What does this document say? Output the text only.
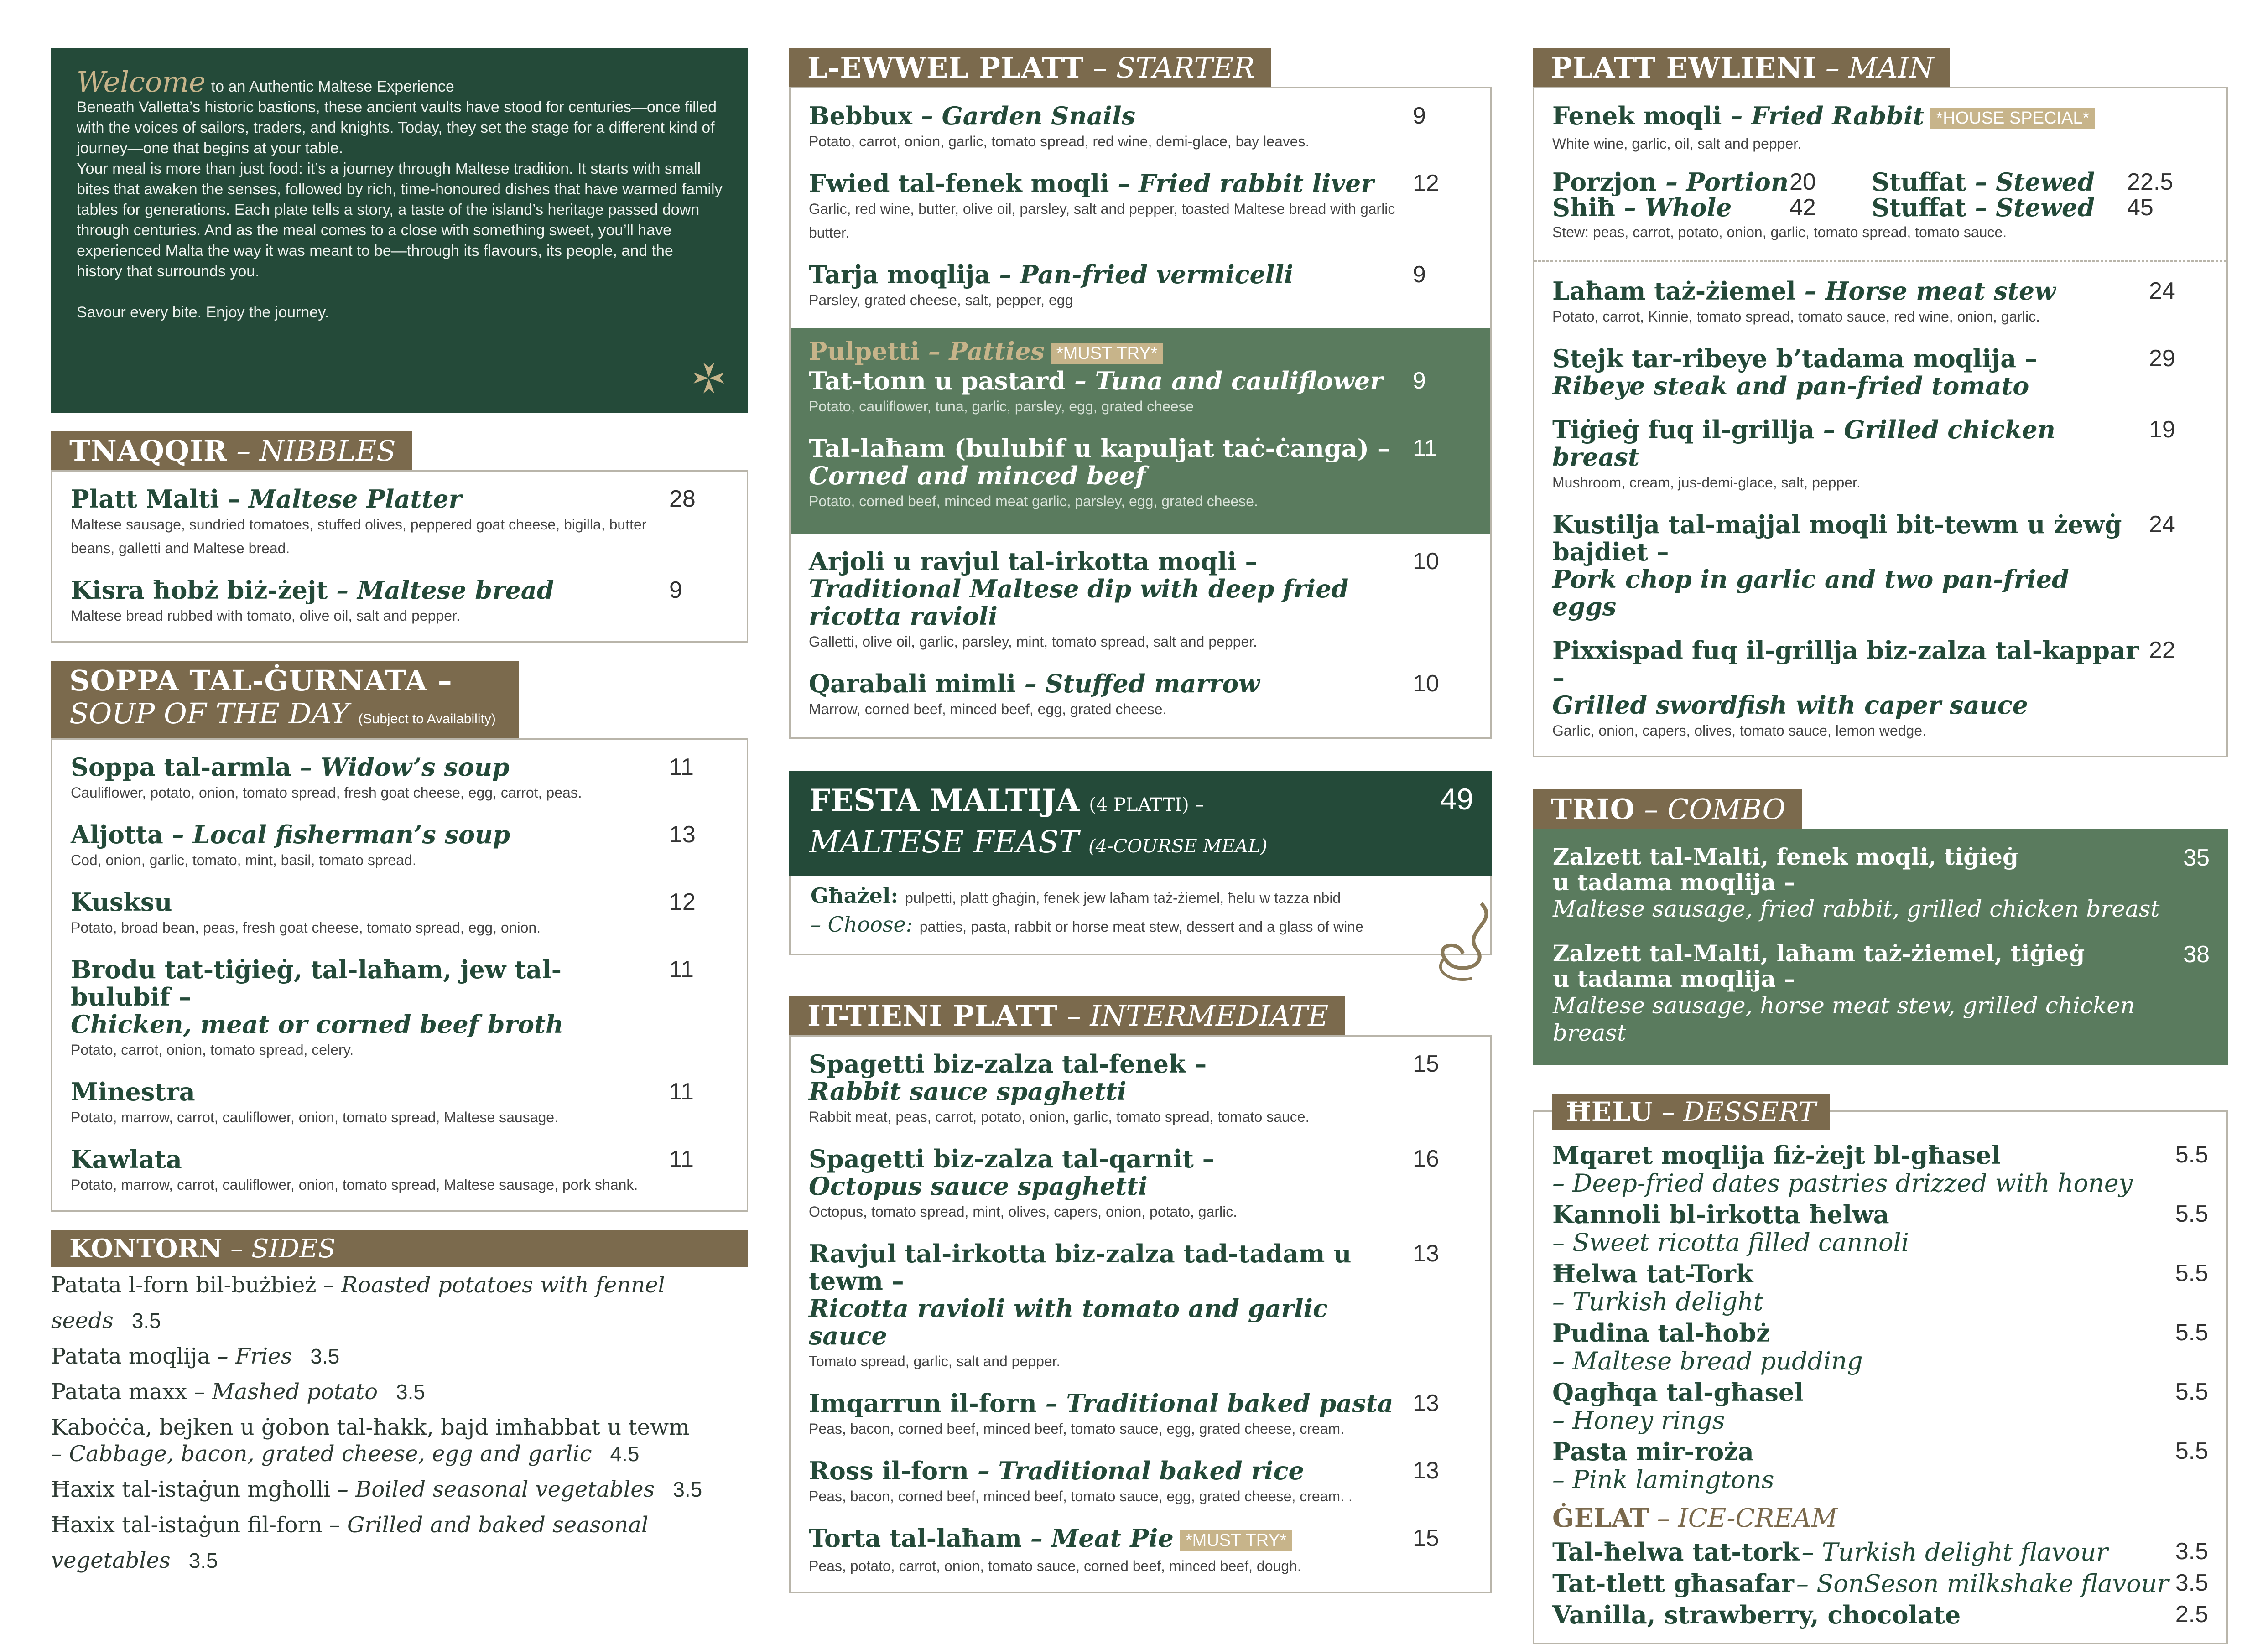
Welcome to an Authentic Maltese Experience

Beneath Valletta’s historic bastions, these ancient vaults have stood for centuries—once filled with the voices of sailors, traders, and knights. Today, they set the stage for a different kind of journey—one that begins at your table.

Your meal is more than just food: it’s a journey through Maltese tradition. It starts with small bites that awaken the senses, followed by rich, time-honoured dishes that have warmed family tables for generations. Each plate tells a story, a taste of the island’s heritage passed down through centuries. And as the meal comes to a close with something sweet, you’ll have experienced Malta the way it was meant to be—through its flavours, its people, and the history that surrounds you.

Savour every bite. Enjoy the journey.

TNAQQIR – NIBBLES
Platt Malti – Maltese Platter
Maltese sausage, sundried tomatoes, stuffed olives, peppered goat cheese, bigilla, butter beans, galletti and Maltese bread.
28
Kisra ħobż biż-żejt – Maltese bread
Maltese bread rubbed with tomato, olive oil, salt and pepper.
9
SOPPA TAL-ĠURNATA –
SOUP OF THE DAY (Subject to Availability)
Soppa tal-armla – Widow’s soup
Cauliflower, potato, onion, tomato spread, fresh goat cheese, egg, carrot, peas.
11
Aljotta – Local fisherman’s soup
Cod, onion, garlic, tomato, mint, basil, tomato spread.
13
Kusksu
Potato, broad bean, peas, fresh goat cheese, tomato spread, egg, onion.
12
Brodu tat-tiġieġ, tal-laħam, jew tal-bulubif –
Chicken, meat or corned beef broth
Potato, carrot, onion, tomato spread, celery.
11
Minestra
Potato, marrow, carrot, cauliflower, onion, tomato spread, Maltese sausage.
11
Kawlata
Potato, marrow, carrot, cauliflower, onion, tomato spread, Maltese sausage, pork shank.
11
KONTORN – SIDES
Patata l-forn bil-bużbież – Roasted potatoes with fennel seeds 3.5
Patata moqlija – Fries 3.5
Patata maxx – Mashed potato 3.5
Kaboċċa, bejken u ġobon tal-ħakk, bajd imħabbat u tewm
– Cabbage, bacon, grated cheese, egg and garlic 4.5
Ħaxix tal-istaġun mgħolli – Boiled seasonal vegetables 3.5
Ħaxix tal-istaġun fil-forn – Grilled and baked seasonal vegetables 3.5
L-EWWEL PLATT – STARTER
Bebbux – Garden Snails
Potato, carrot, onion, garlic, tomato spread, red wine, demi-glace, bay leaves.
9
Fwied tal-fenek moqli – Fried rabbit liver
Garlic, red wine, butter, olive oil, parsley, salt and pepper, toasted Maltese bread with garlic butter.
12
Tarja moqlija – Pan-fried vermicelli
Parsley, grated cheese, salt, pepper, egg
9
Pulpetti – Patties *MUST TRY*
Tat-tonn u pastard – Tuna and cauliflower
Potato, cauliflower, tuna, garlic, parsley, egg, grated cheese
9
Tal-laħam (bulubif u kapuljat taċ-ċanga) –
Corned and minced beef
Potato, corned beef, minced meat garlic, parsley, egg, grated cheese.
11
Arjoli u ravjul tal-irkotta moqli –
Traditional Maltese dip with deep fried ricotta ravioli
Galletti, olive oil, garlic, parsley, mint, tomato spread, salt and pepper.
10
Qarabali mimli – Stuffed marrow
Marrow, corned beef, minced beef, egg, grated cheese.
10
FESTA MALTIJA (4 PLATTI) –
MALTESE FEAST (4-COURSE MEAL)
49
Għażel: pulpetti, platt għaġin, fenek jew laħam taż-żiemel, ħelu w tazza nbid
– Choose: patties, pasta, rabbit or horse meat stew, dessert and a glass of wine
IT-TIENI PLATT – INTERMEDIATE
Spagetti biz-zalza tal-fenek –
Rabbit sauce spaghetti
Rabbit meat, peas, carrot, potato, onion, garlic, tomato spread, tomato sauce.
15
Spagetti biz-zalza tal-qarnit –
Octopus sauce spaghetti
Octopus, tomato spread, mint, olives, capers, onion, potato, garlic.
16
Ravjul tal-irkotta biz-zalza tad-tadam u tewm –
Ricotta ravioli with tomato and garlic sauce
Tomato spread, garlic, salt and pepper.
13
Imqarrun il-forn – Traditional baked pasta
Peas, bacon, corned beef, minced beef, tomato sauce, egg, grated cheese, cream.
13
Ross il-forn – Traditional baked rice
Peas, bacon, corned beef, minced beef, tomato sauce, egg, grated cheese, cream. .
13
Torta tal-laħam – Meat Pie *MUST TRY*
Peas, potato, carrot, onion, tomato sauce, corned beef, minced beef, dough.
15
PLATT EWLIENI – MAIN
Fenek moqli – Fried Rabbit *HOUSE SPECIAL*
White wine, garlic, oil, salt and pepper.
Porzjon – Portion 20	Stuffat – Stewed	22.5
Shiħ – Whole	42	Stuffat – Stewed	45
Stew: peas, carrot, potato, onion, garlic, tomato spread, tomato sauce.
Laħam taż-żiemel – Horse meat stew
Potato, carrot, Kinnie, tomato spread, tomato sauce, red wine, onion, garlic.
24
Stejk tar-ribeye b’tadama moqlija –
Ribeye steak and pan-fried tomato
29
Tiġieġ fuq il-grillja – Grilled chicken breast
Mushroom, cream, jus-demi-glace, salt, pepper.
19
Kustilja tal-majjal moqli bit-tewm u żewġ bajdiet –
Pork chop in garlic and two pan-fried eggs
24
Pixxispad fuq il-grillja biz-zalza tal-kappar –
Grilled swordfish with caper sauce
Garlic, onion, capers, olives, tomato sauce, lemon wedge.
22
TRIO – COMBO
Zalzett tal-Malti, fenek moqli, tiġieġ
u tadama moqlija –
Maltese sausage, fried rabbit, grilled chicken breast
35
Zalzett tal-Malti, laħam taż-żiemel, tiġieġ
u tadama moqlija –
Maltese sausage, horse meat stew, grilled chicken breast
38
ĦELU – DESSERT
Mqaret moqlija fiż-żejt bl-għasel
– Deep-fried dates pastries drizzed with honey
5.5
Kannoli bl-irkotta ħelwa
– Sweet ricotta filled cannoli
5.5
Ħelwa tat-Tork
– Turkish delight
5.5
Pudina tal-ħobż
– Maltese bread pudding
5.5
Qagħqa tal-għasel
– Honey rings
5.5
Pasta mir-roża
– Pink lamingtons
5.5
ĠELAT – ICE-CREAM
Tal-ħelwa tat-tork – Turkish delight flavour	3.5
Tat-tlett għasafar – SonSeson milkshake flavour 3.5
Vanilla, strawberry, chocolate	2.5
